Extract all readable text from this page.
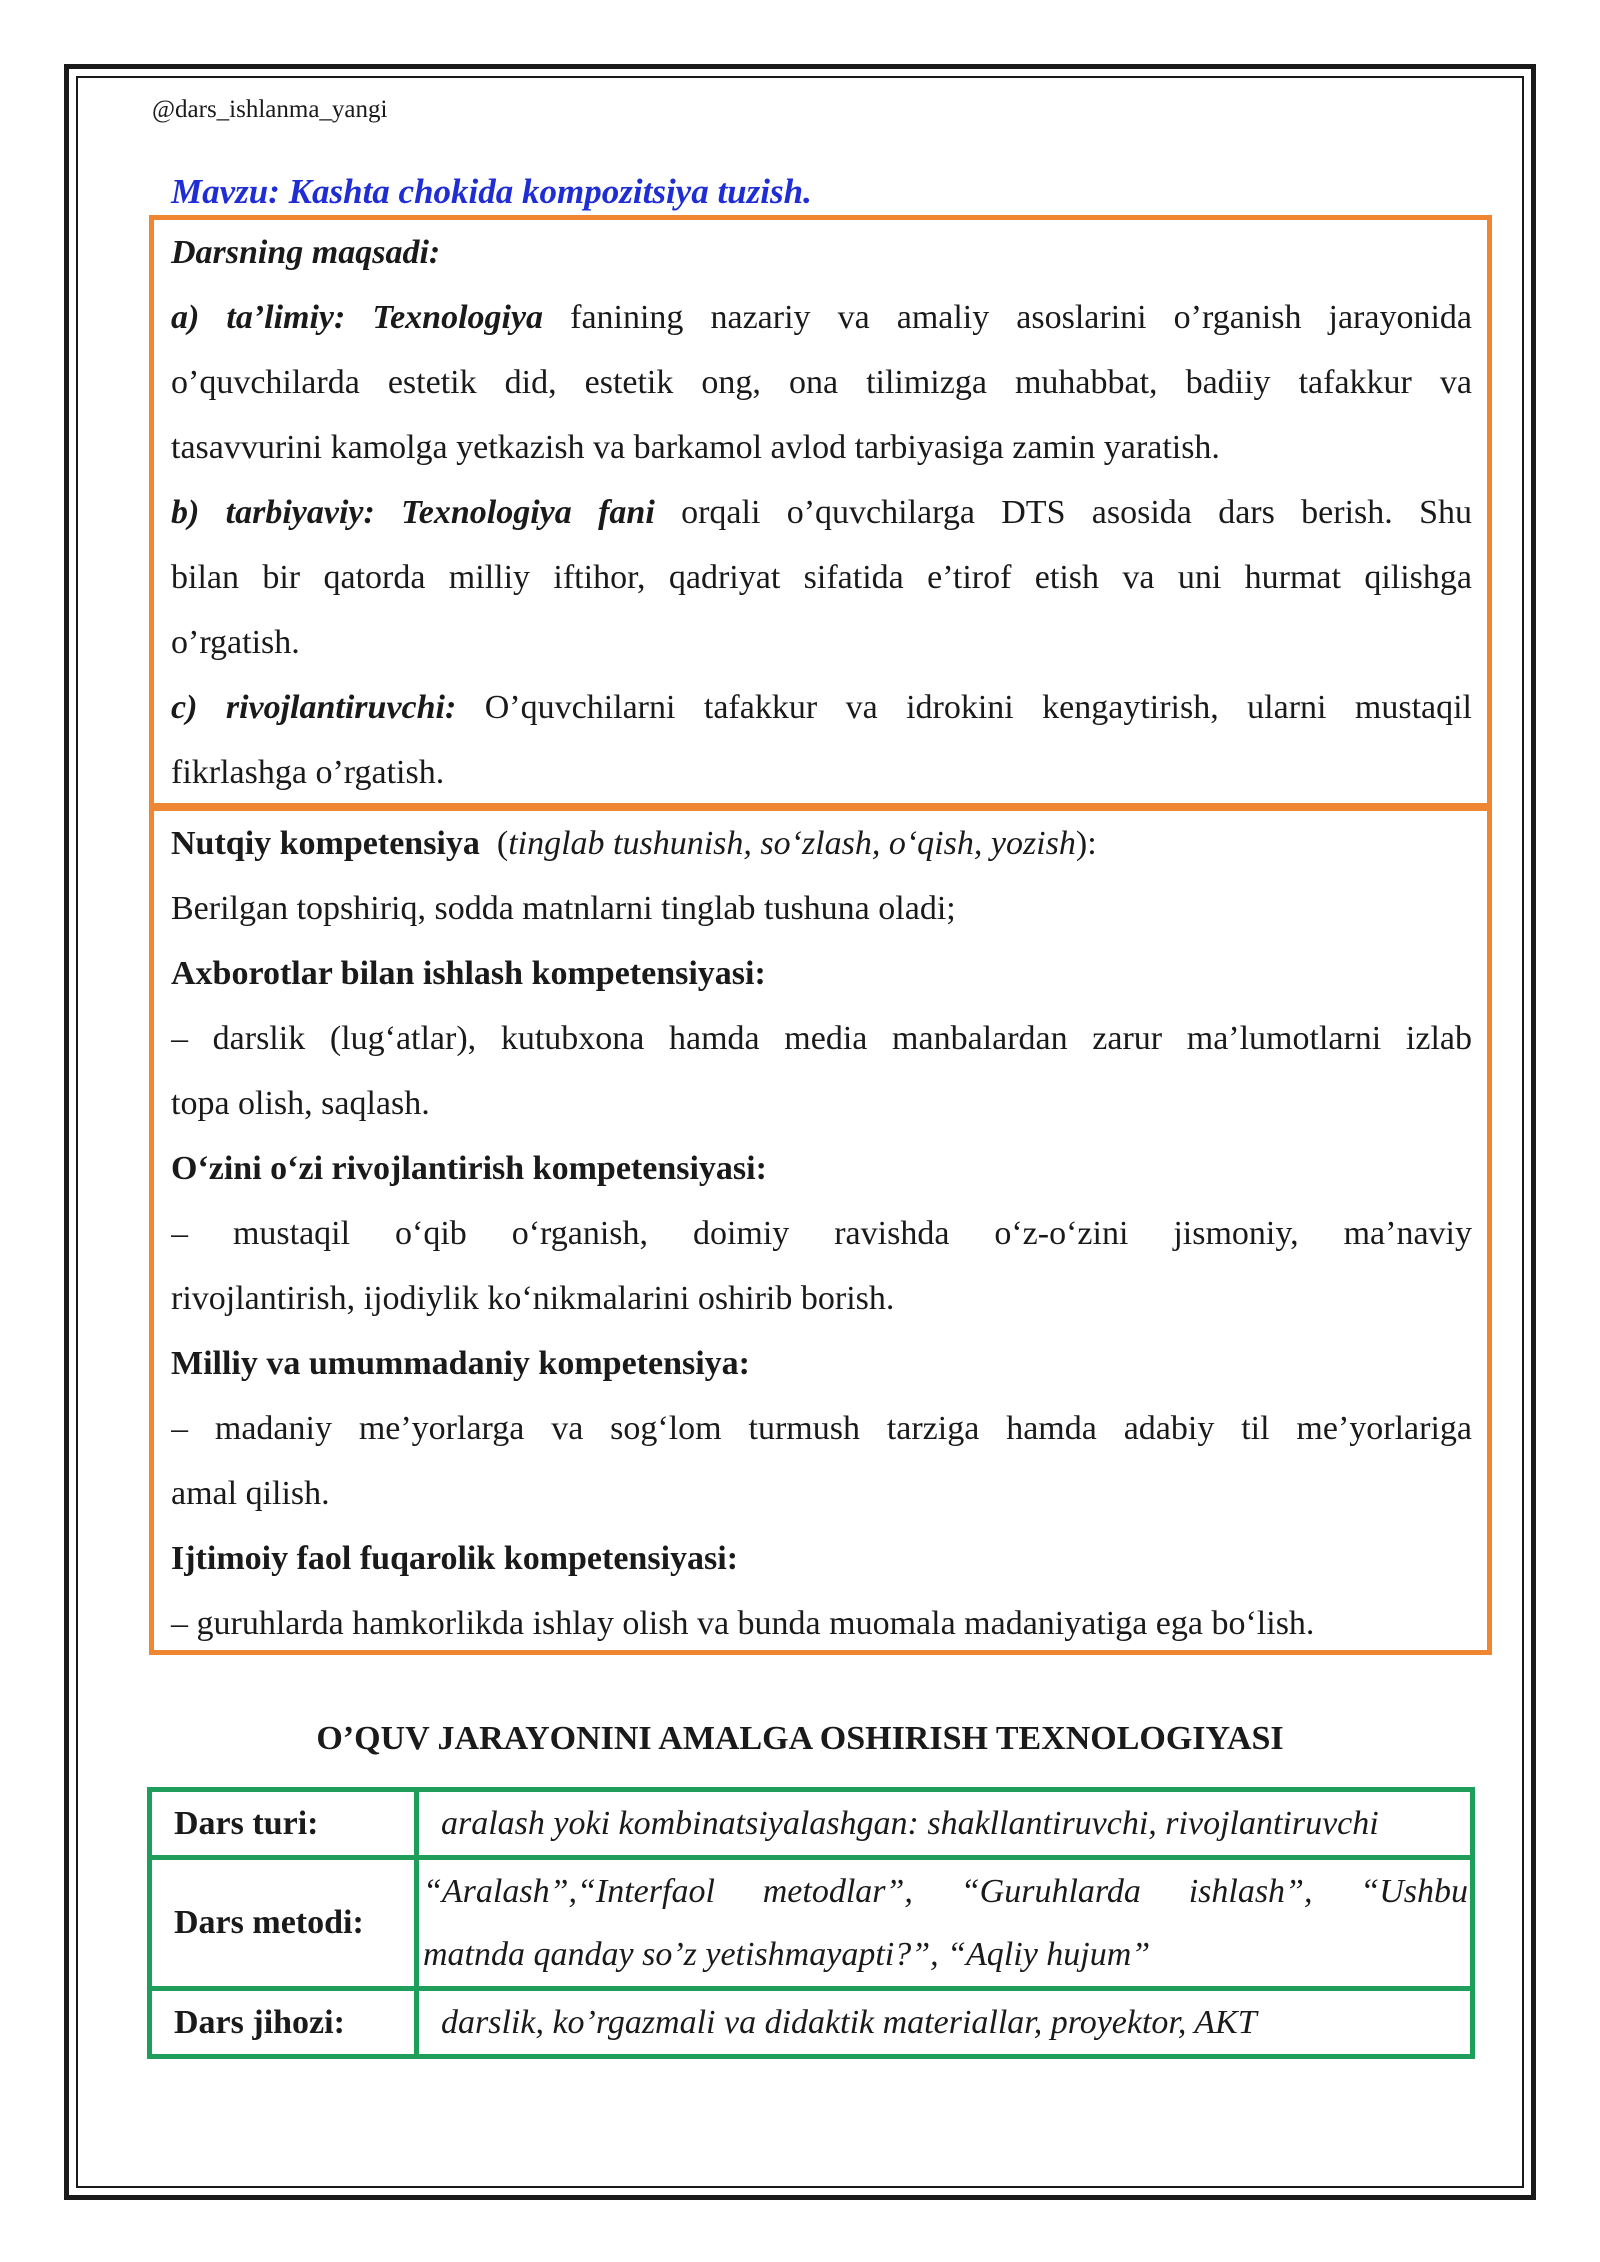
@dars_ishlanma_yangi
Mavzu: Kashta chokida kompozitsiya tuzish.
Darsning maqsadi:
a) ta’limiy: Texnologiya fanining nazariy va amaliy asoslarini o’rganish jarayonida
o’quvchilarda estetik did, estetik ong, ona tilimizga muhabbat, badiiy tafakkur va
tasavvurini kamolga yetkazish va barkamol avlod tarbiyasiga zamin yaratish.
b) tarbiyaviy: Texnologiya fani orqali o’quvchilarga DTS asosida dars berish. Shu
bilan bir qatorda milliy iftihor, qadriyat sifatida e’tirof etish va uni hurmat qilishga
o’rgatish.
c) rivojlantiruvchi: O’quvchilarni tafakkur va idrokini kengaytirish, ularni mustaqil
fikrlashga o’rgatish.
Nutqiy kompetensiya (tinglab tushunish, so‘zlash, o‘qish, yozish):
Berilgan topshiriq, sodda matnlarni tinglab tushuna oladi;
Axborotlar bilan ishlash kompetensiyasi:
– darslik (lug‘atlar), kutubxona hamda media manbalardan zarur ma’lumotlarni izlab
topa olish, saqlash.
O‘zini o‘zi rivojlantirish kompetensiyasi:
– mustaqil o‘qib o‘rganish, doimiy ravishda o‘z-o‘zini jismoniy, ma’naviy
rivojlantirish, ijodiylik ko‘nikmalarini oshirib borish.
Milliy va umummadaniy kompetensiya:
– madaniy me’yorlarga va sog‘lom turmush tarziga hamda adabiy til me’yorlariga
amal qilish.
Ijtimoiy faol fuqarolik kompetensiyasi:
– guruhlarda hamkorlikda ishlay olish va bunda muomala madaniyatiga ega bo‘lish.
O’QUV JARAYONINI AMALGA OSHIRISH TEXNOLOGIYASI
Dars turi:	aralash yoki kombinatsiyalashgan: shakllantiruvchi, rivojlantiruvchi

Dars metodi:	“Aralash”,“Interfaol metodlar”, “Guruhlarda ishlash”, “Ushbu
matnda qanday so’z yetishmayapti?”, “Aqliy hujum”

Dars jihozi:	darslik, ko’rgazmali va didaktik materiallar, proyektor, AKT
